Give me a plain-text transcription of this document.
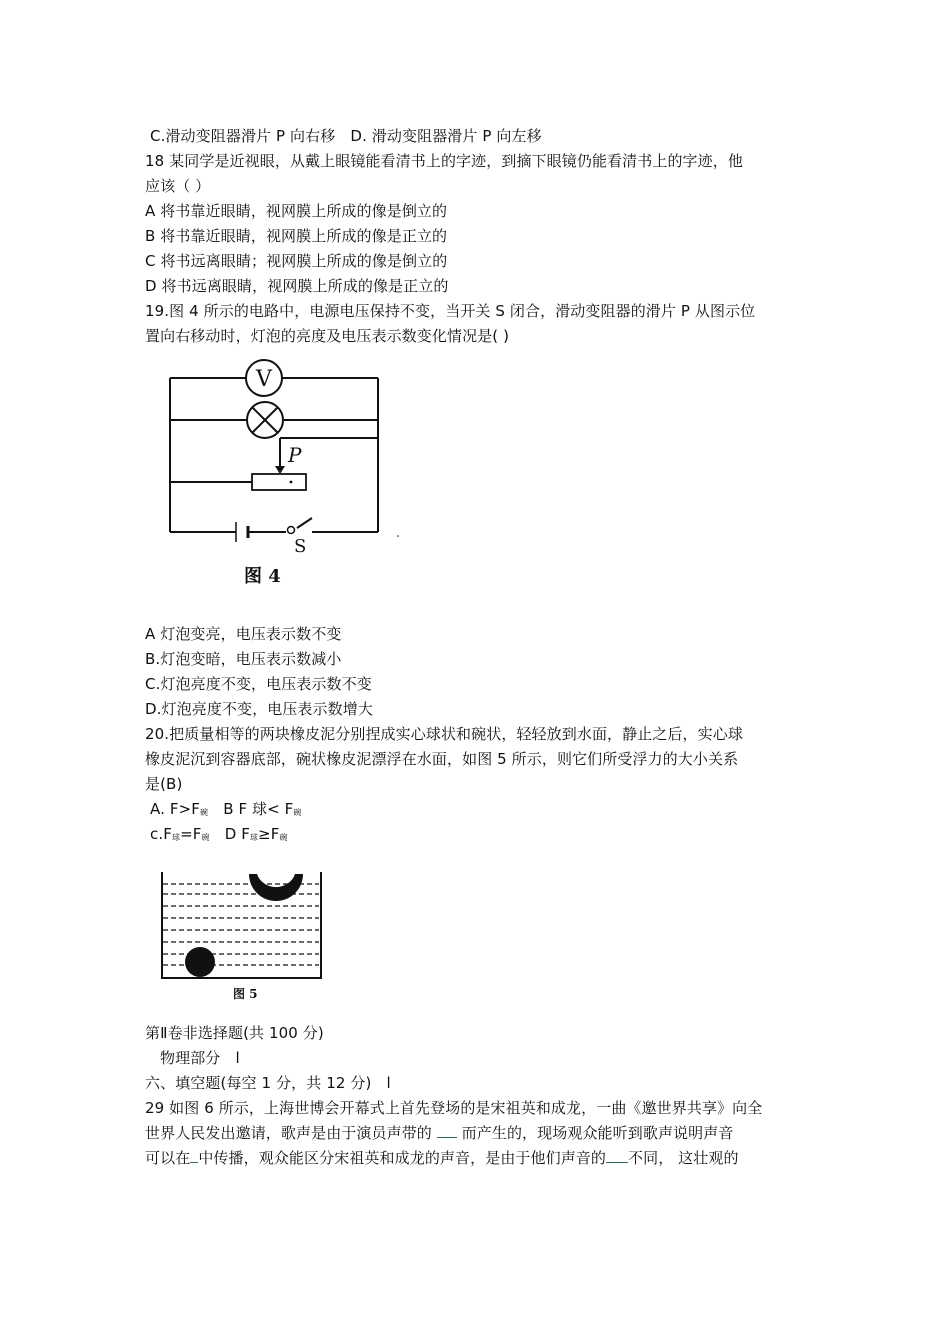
C.滑动变阻器滑片 P 向右移　D. 滑动变阻器滑片 P 向左移
18 某同学是近视眼，从戴上眼镜能看清书上的字迹，到摘下眼镜仍能看清书上的字迹，他
应该（ ）
A 将书靠近眼睛，视网膜上所成的像是倒立的
B 将书靠近眼睛，视网膜上所成的像是正立的
C 将书远离眼睛；视网膜上所成的像是倒立的
D 将书远离眼睛，视网膜上所成的像是正立的
19.图 4 所示的电路中，电源电压保持不变，当开关 S 闭合，滑动变阻器的滑片 P 从图示位
置向右移动时，灯泡的亮度及电压表示数变化情况是( )
V
P
S
图 4
A 灯泡变亮，电压表示数不变
B.灯泡变暗，电压表示数减小
C.灯泡亮度不变，电压表示数不变
D.灯泡亮度不变，电压表示数增大
20.把质量相等的两块橡皮泥分别捏成实心球状和碗状，轻轻放到水面，静止之后，实心球
橡皮泥沉到容器底部，碗状橡皮泥漂浮在水面，如图 5 所示，则它们所受浮力的大小关系
是(B)
A. F>F碗　 B F 球< F碗
c.F球=F碗　 D F球≥F碗
图 5
第Ⅱ卷非选择题(共 100 分)
物理部分　l
六、填空题(每空 1 分，共 12 分)　l
29 如图 6 所示，上海世博会开幕式上首先登场的是宋祖英和成龙，一曲《邀世界共享》向全
世界人民发出邀请，歌声是由于演员声带的  而产生的，现场观众能听到歌声说明声音
可以在 中传播，观众能区分宋祖英和成龙的声音，是由于他们声音的 不同， 这壮观的
